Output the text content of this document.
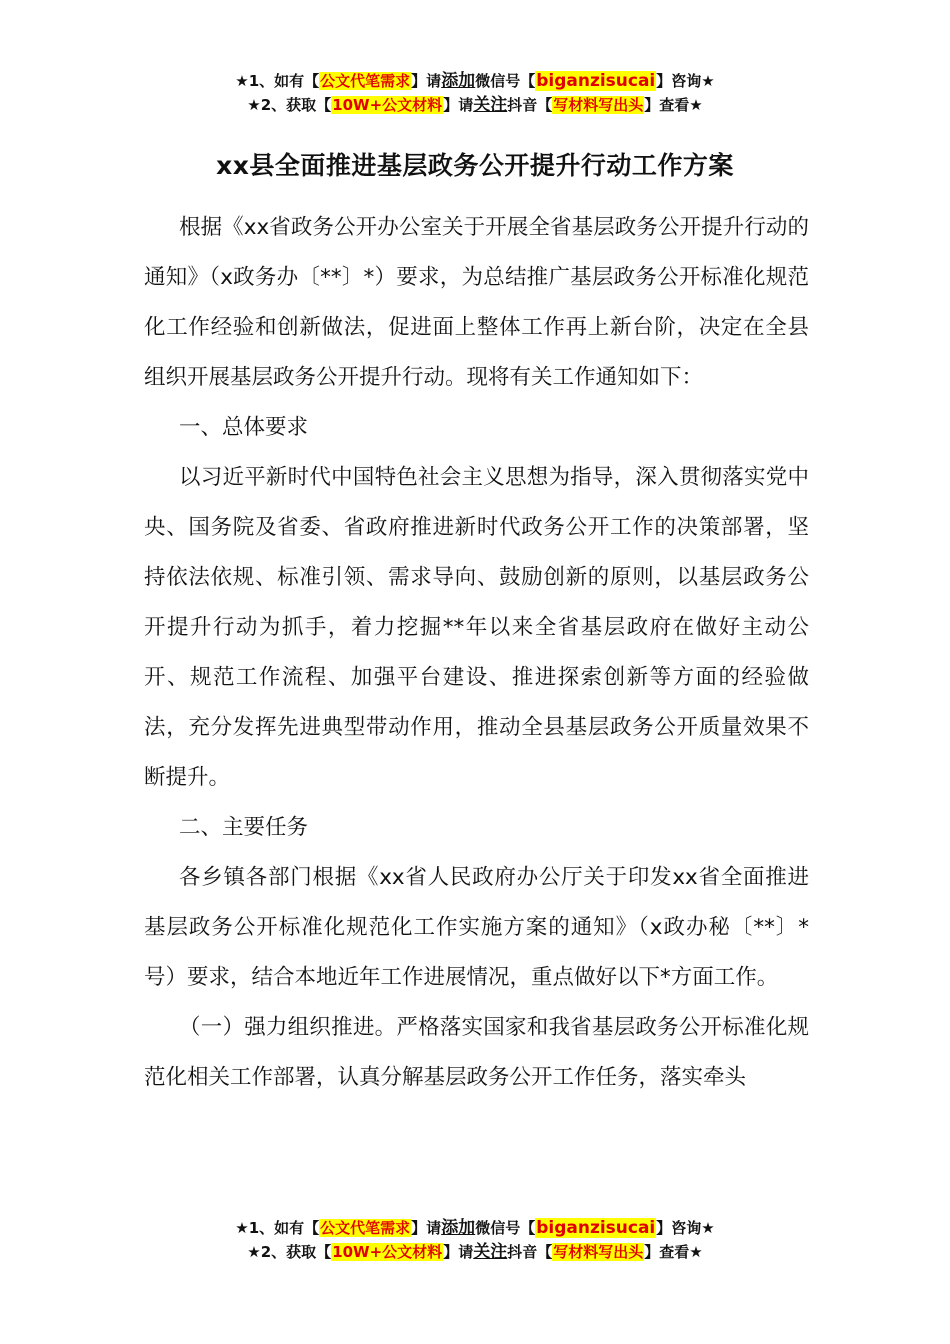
★1、如有【公文代笔需求】请添加微信号【biganzisucai】咨询★
★2、获取【10W+公文材料】请关注抖音【写材料写出头】查看★
xx县全面推进基层政务公开提升行动工作方案

根据《xx省政务公开办公室关于开展全省基层政务公开提升行动的通知》（x政务办〔**〕*）要求，为总结推广基层政务公开标准化规范化工作经验和创新做法，促进面上整体工作再上新台阶，决定在全县组织开展基层政务公开提升行动。现将有关工作通知如下：

一、总体要求

以习近平新时代中国特色社会主义思想为指导，深入贯彻落实党中央、国务院及省委、省政府推进新时代政务公开工作的决策部署，坚持依法依规、标准引领、需求导向、鼓励创新的原则，以基层政务公开提升行动为抓手，着力挖掘**年以来全省基层政府在做好主动公开、规范工作流程、加强平台建设、推进探索创新等方面的经验做法，充分发挥先进典型带动作用，推动全县基层政务公开质量效果不断提升。

二、主要任务

各乡镇各部门根据《xx省人民政府办公厅关于印发xx省全面推进基层政务公开标准化规范化工作实施方案的通知》（x政办秘〔**〕*号）要求，结合本地近年工作进展情况，重点做好以下*方面工作。

（一）强力组织推进。严格落实国家和我省基层政务公开标准化规范化相关工作部署，认真分解基层政务公开工作任务，落实牵头

★1、如有【公文代笔需求】请添加微信号【biganzisucai】咨询★
★2、获取【10W+公文材料】请关注抖音【写材料写出头】查看★
